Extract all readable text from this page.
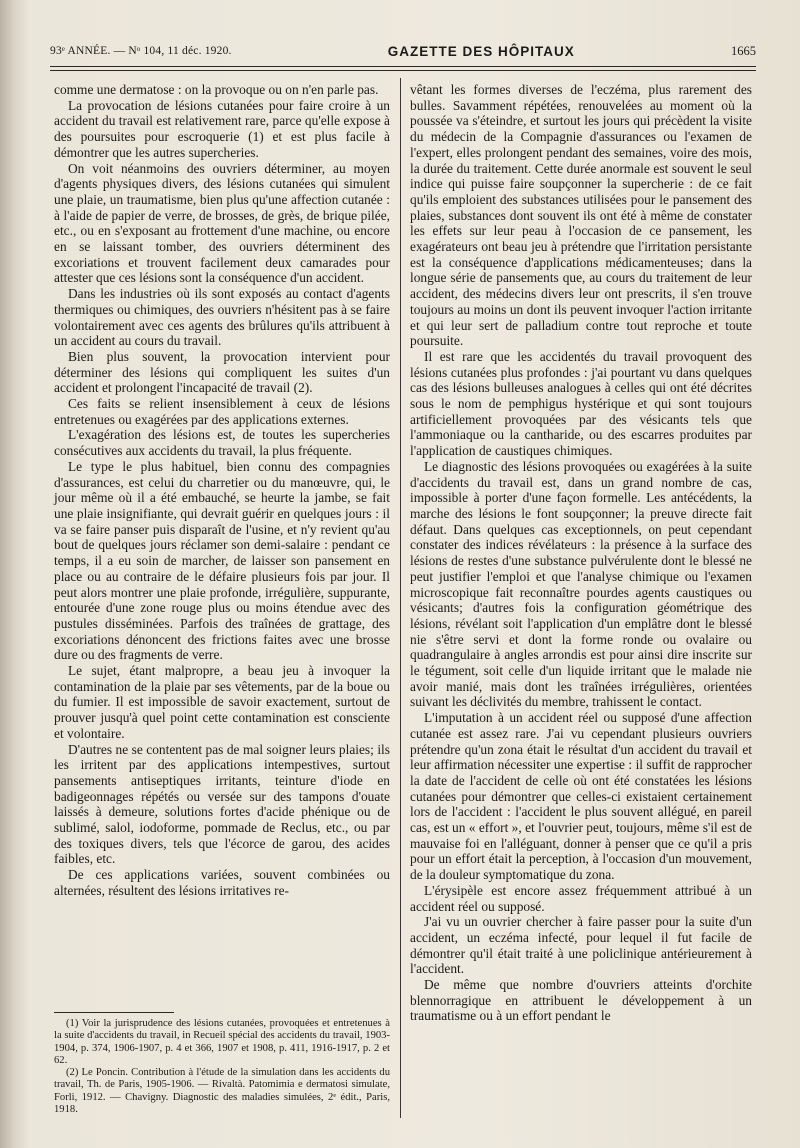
93ᵉ ANNÉE. — Nᵒ 104, 11 déc. 1920.	GAZETTE DES HÔPITAUX	1665

comme une dermatose : on la provoque ou on n'en parle pas.

La provocation de lésions cutanées pour faire croire à un accident du travail est relativement rare, parce qu'elle expose à des poursuites pour escroquerie (1) et est plus facile à démontrer que les autres supercheries.

On voit néanmoins des ouvriers déterminer, au moyen d'agents physiques divers, des lésions cutanées qui simulent une plaie, un traumatisme, bien plus qu'une affection cutanée : à l'aide de papier de verre, de brosses, de grès, de brique pilée, etc., ou en s'exposant au frottement d'une machine, ou encore en se laissant tomber, des ouvriers déterminent des excoriations et trouvent facilement deux camarades pour attester que ces lésions sont la conséquence d'un accident.

Dans les industries où ils sont exposés au contact d'agents thermiques ou chimiques, des ouvriers n'hésitent pas à se faire volontairement avec ces agents des brûlures qu'ils attribuent à un accident au cours du travail.

Bien plus souvent, la provocation intervient pour déterminer des lésions qui compliquent les suites d'un accident et prolongent l'incapacité de travail (2).

Ces faits se relient insensiblement à ceux de lésions entretenues ou exagérées par des applications externes.

L'exagération des lésions est, de toutes les supercheries consécutives aux accidents du travail, la plus fréquente.

Le type le plus habituel, bien connu des compagnies d'assurances, est celui du charretier ou du manœuvre, qui, le jour même où il a été embauché, se heurte la jambe, se fait une plaie insignifiante, qui devrait guérir en quelques jours : il va se faire panser puis disparaît de l'usine, et n'y revient qu'au bout de quelques jours réclamer son demi-salaire : pendant ce temps, il a eu soin de marcher, de laisser son pansement en place ou au contraire de le défaire plusieurs fois par jour. Il peut alors montrer une plaie profonde, irrégulière, suppurante, entourée d'une zone rouge plus ou moins étendue avec des pustules disséminées. Parfois des traînées de grattage, des excoriations dénoncent des frictions faites avec une brosse dure ou des fragments de verre.

Le sujet, étant malpropre, a beau jeu à invoquer la contamination de la plaie par ses vêtements, par de la boue ou du fumier. Il est impossible de savoir exactement, surtout de prouver jusqu'à quel point cette contamination est consciente et volontaire.

D'autres ne se contentent pas de mal soigner leurs plaies; ils les irritent par des applications intempestives, surtout pansements antiseptiques irritants, teinture d'iode en badigeonnages répétés ou versée sur des tampons d'ouate laissés à demeure, solutions fortes d'acide phénique ou de sublimé, salol, iodoforme, pommade de Reclus, etc., ou par des toxiques divers, tels que l'écorce de garou, des acides faibles, etc.

De ces applications variées, souvent combinées ou alternées, résultent des lésions irritatives re-

vêtant les formes diverses de l'eczéma, plus rarement des bulles. Savamment répétées, renouvelées au moment où la poussée va s'éteindre, et surtout les jours qui précèdent la visite du médecin de la Compagnie d'assurances ou l'examen de l'expert, elles prolongent pendant des semaines, voire des mois, la durée du traitement. Cette durée anormale est souvent le seul indice qui puisse faire soupçonner la supercherie : de ce fait qu'ils emploient des substances utilisées pour le pansement des plaies, substances dont souvent ils ont été à même de constater les effets sur leur peau à l'occasion de ce pansement, les exagérateurs ont beau jeu à prétendre que l'irritation persistante est la conséquence d'applications médicamenteuses; dans la longue série de pansements que, au cours du traitement de leur accident, des médecins divers leur ont prescrits, il s'en trouve toujours au moins un dont ils peuvent invoquer l'action irritante et qui leur sert de palladium contre tout reproche et toute poursuite.

Il est rare que les accidentés du travail provoquent des lésions cutanées plus profondes : j'ai pourtant vu dans quelques cas des lésions bulleuses analogues à celles qui ont été décrites sous le nom de pemphigus hystérique et qui sont toujours artificiellement provoquées par des vésicants tels que l'ammoniaque ou la cantharide, ou des escarres produites par l'application de caustiques chimiques.

Le diagnostic des lésions provoquées ou exagérées à la suite d'accidents du travail est, dans un grand nombre de cas, impossible à porter d'une façon formelle. Les antécédents, la marche des lésions le font soupçonner; la preuve directe fait défaut. Dans quelques cas exceptionnels, on peut cependant constater des indices révélateurs : la présence à la surface des lésions de restes d'une substance pulvérulente dont le blessé ne peut justifier l'emploi et que l'analyse chimique ou l'examen microscopique fait reconnaître pourdes agents caustiques ou vésicants; d'autres fois la configuration géométrique des lésions, révélant soit l'application d'un emplâtre dont le blessé nie s'être servi et dont la forme ronde ou ovalaire ou quadrangulaire à angles arrondis est pour ainsi dire inscrite sur le tégument, soit celle d'un liquide irritant que le malade nie avoir manié, mais dont les traînées irrégulières, orientées suivant les déclivités du membre, trahissent le contact.

L'imputation à un accident réel ou supposé d'une affection cutanée est assez rare. J'ai vu cependant plusieurs ouvriers prétendre qu'un zona était le résultat d'un accident du travail et leur affirmation nécessiter une expertise : il suffit de rapprocher la date de l'accident de celle où ont été constatées les lésions cutanées pour démontrer que celles-ci existaient certainement lors de l'accident : l'accident le plus souvent allégué, en pareil cas, est un « effort », et l'ouvrier peut, toujours, même s'il est de mauvaise foi en l'alléguant, donner à penser que ce qu'il a pris pour un effort était la perception, à l'occasion d'un mouvement, de la douleur symptomatique du zona.

L'érysipèle est encore assez fréquemment attribué à un accident réel ou supposé.

J'ai vu un ouvrier chercher à faire passer pour la suite d'un accident, un eczéma infecté, pour lequel il fut facile de démontrer qu'il était traité à une policlinique antérieurement à l'accident.

De même que nombre d'ouvriers atteints d'orchite blennorragique en attribuent le développement à un traumatisme ou à un effort pendant le

(1) Voir la jurisprudence des lésions cutanées, provoquées et entretenues à la suite d'accidents du travail, in Recueil spécial des accidents du travail, 1903-1904, p. 374, 1906-1907, p. 4 et 366, 1907 et 1908, p. 411, 1916-1917, p. 2 et 62.

(2) Le Poncin. Contribution à l'étude de la simulation dans les accidents du travail, Th. de Paris, 1905-1906. — Rivaltà. Patomimia e dermatosi simulate, Forli, 1912. — Chavigny. Diagnostic des maladies simulées, 2ᵉ édit., Paris, 1918.
